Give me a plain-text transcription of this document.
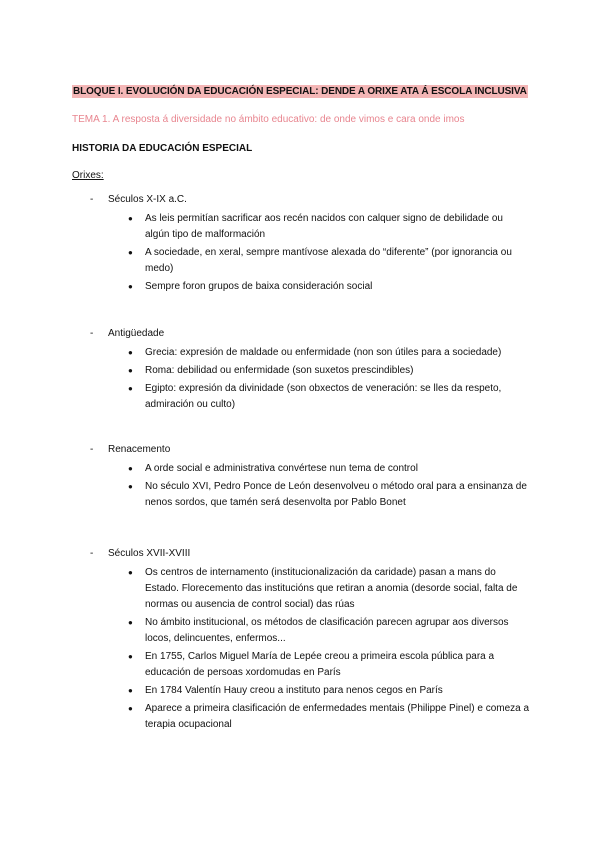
BLOQUE I. EVOLUCIÓN DA EDUCACIÓN ESPECIAL: DENDE A ORIXE ATA Á ESCOLA INCLUSIVA
TEMA 1. A resposta á diversidade no ámbito educativo: de onde vimos e cara onde imos
HISTORIA DA EDUCACIÓN ESPECIAL
Orixes:
-	Séculos X-IX a.C.
● As leis permitían sacrificar aos recén nacidos con calquer signo de debilidade ou algún tipo de malformación
● A sociedade, en xeral, sempre mantívose alexada do “diferente” (por ignorancia ou medo)
● Sempre foron grupos de baixa consideración social
-	Antigüedade
● Grecia: expresión de maldade ou enfermidade (non son útiles para a sociedade)
● Roma: debilidad ou enfermidade (son suxetos prescindibles)
● Egipto: expresión da divinidade (son obxectos de veneración: se lles da respeto, admiración ou culto)
-	Renacemento
● A orde social e administrativa convértese nun tema de control
● No século XVI, Pedro Ponce de León desenvolveu o método oral para a ensinanza de nenos sordos, que tamén será desenvolta por Pablo Bonet
-	Séculos XVII-XVIII
● Os centros de internamento (institucionalización da caridade) pasan a mans do Estado. Florecemento das institucións que retiran a anomia (desorde social, falta de normas ou ausencia de control social) das rúas
● No ámbito institucional, os métodos de clasificación parecen agrupar aos diversos locos, delincuentes, enfermos...
● En 1755, Carlos Miguel María de Lepée creou a primeira escola pública para a educación de persoas xordomudas en París
● En 1784 Valentín Hauy creou a instituto para nenos cegos en París
● Aparece a primeira clasificación de enfermedades mentais (Philippe Pinel) e comeza a terapia ocupacional
